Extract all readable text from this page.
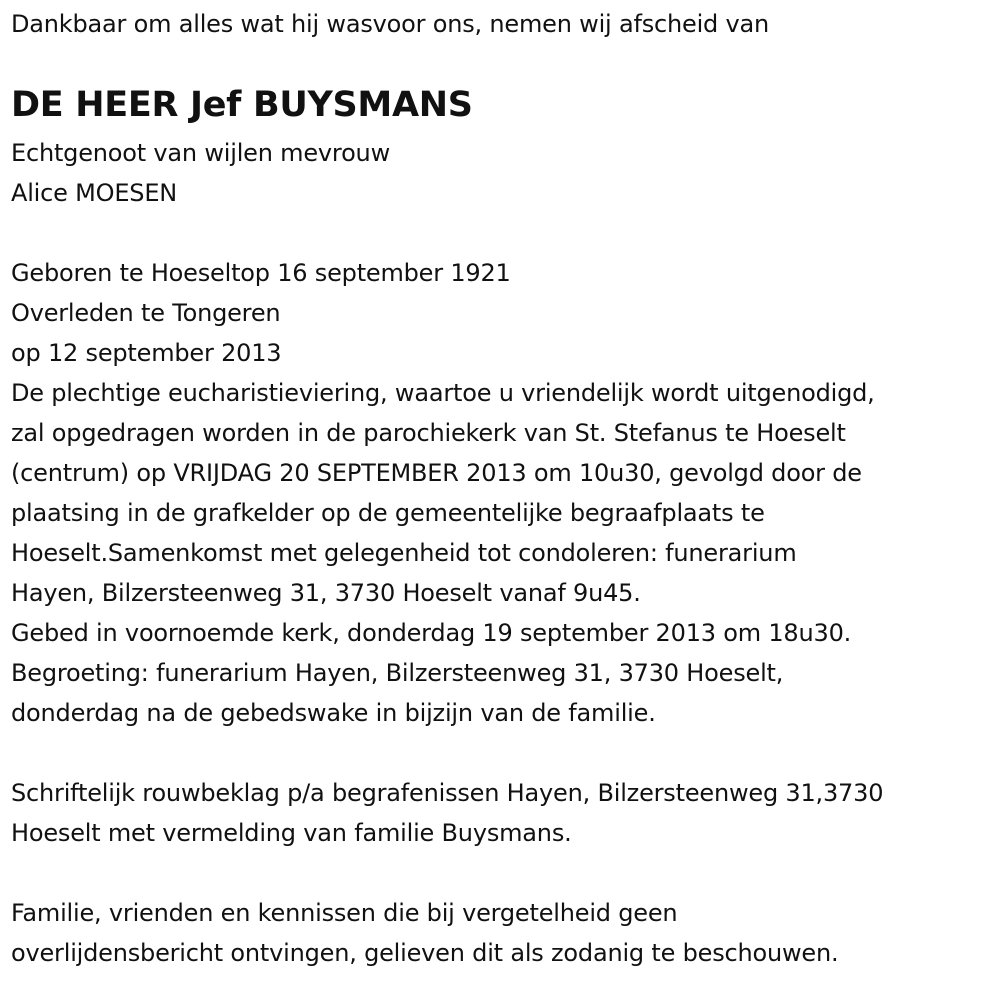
Dankbaar om alles wat hij wasvoor ons, nemen wij afscheid van
DE HEER Jef BUYSMANS
Echtgenoot van wijlen mevrouw
Alice MOESEN
Geboren te Hoeseltop 16 september 1921
Overleden te Tongeren
op 12 september 2013
De plechtige eucharistieviering, waartoe u vriendelijk wordt uitgenodigd,
zal opgedragen worden in de parochiekerk van St. Stefanus te Hoeselt
(centrum) op VRIJDAG 20 SEPTEMBER 2013 om 10u30, gevolgd door de
plaatsing in de grafkelder op de gemeentelijke begraafplaats te
Hoeselt.Samenkomst met gelegenheid tot condoleren: funerarium
Hayen, Bilzersteenweg 31, 3730 Hoeselt vanaf 9u45.
Gebed in voornoemde kerk, donderdag 19 september 2013 om 18u30.
Begroeting: funerarium Hayen, Bilzersteenweg 31, 3730 Hoeselt,
donderdag na de gebedswake in bijzijn van de familie.
Schriftelijk rouwbeklag p/a begrafenissen Hayen, Bilzersteenweg 31,3730
Hoeselt met vermelding van familie Buysmans.
Familie, vrienden en kennissen die bij vergetelheid geen
overlijdensbericht ontvingen, gelieven dit als zodanig te beschouwen.
